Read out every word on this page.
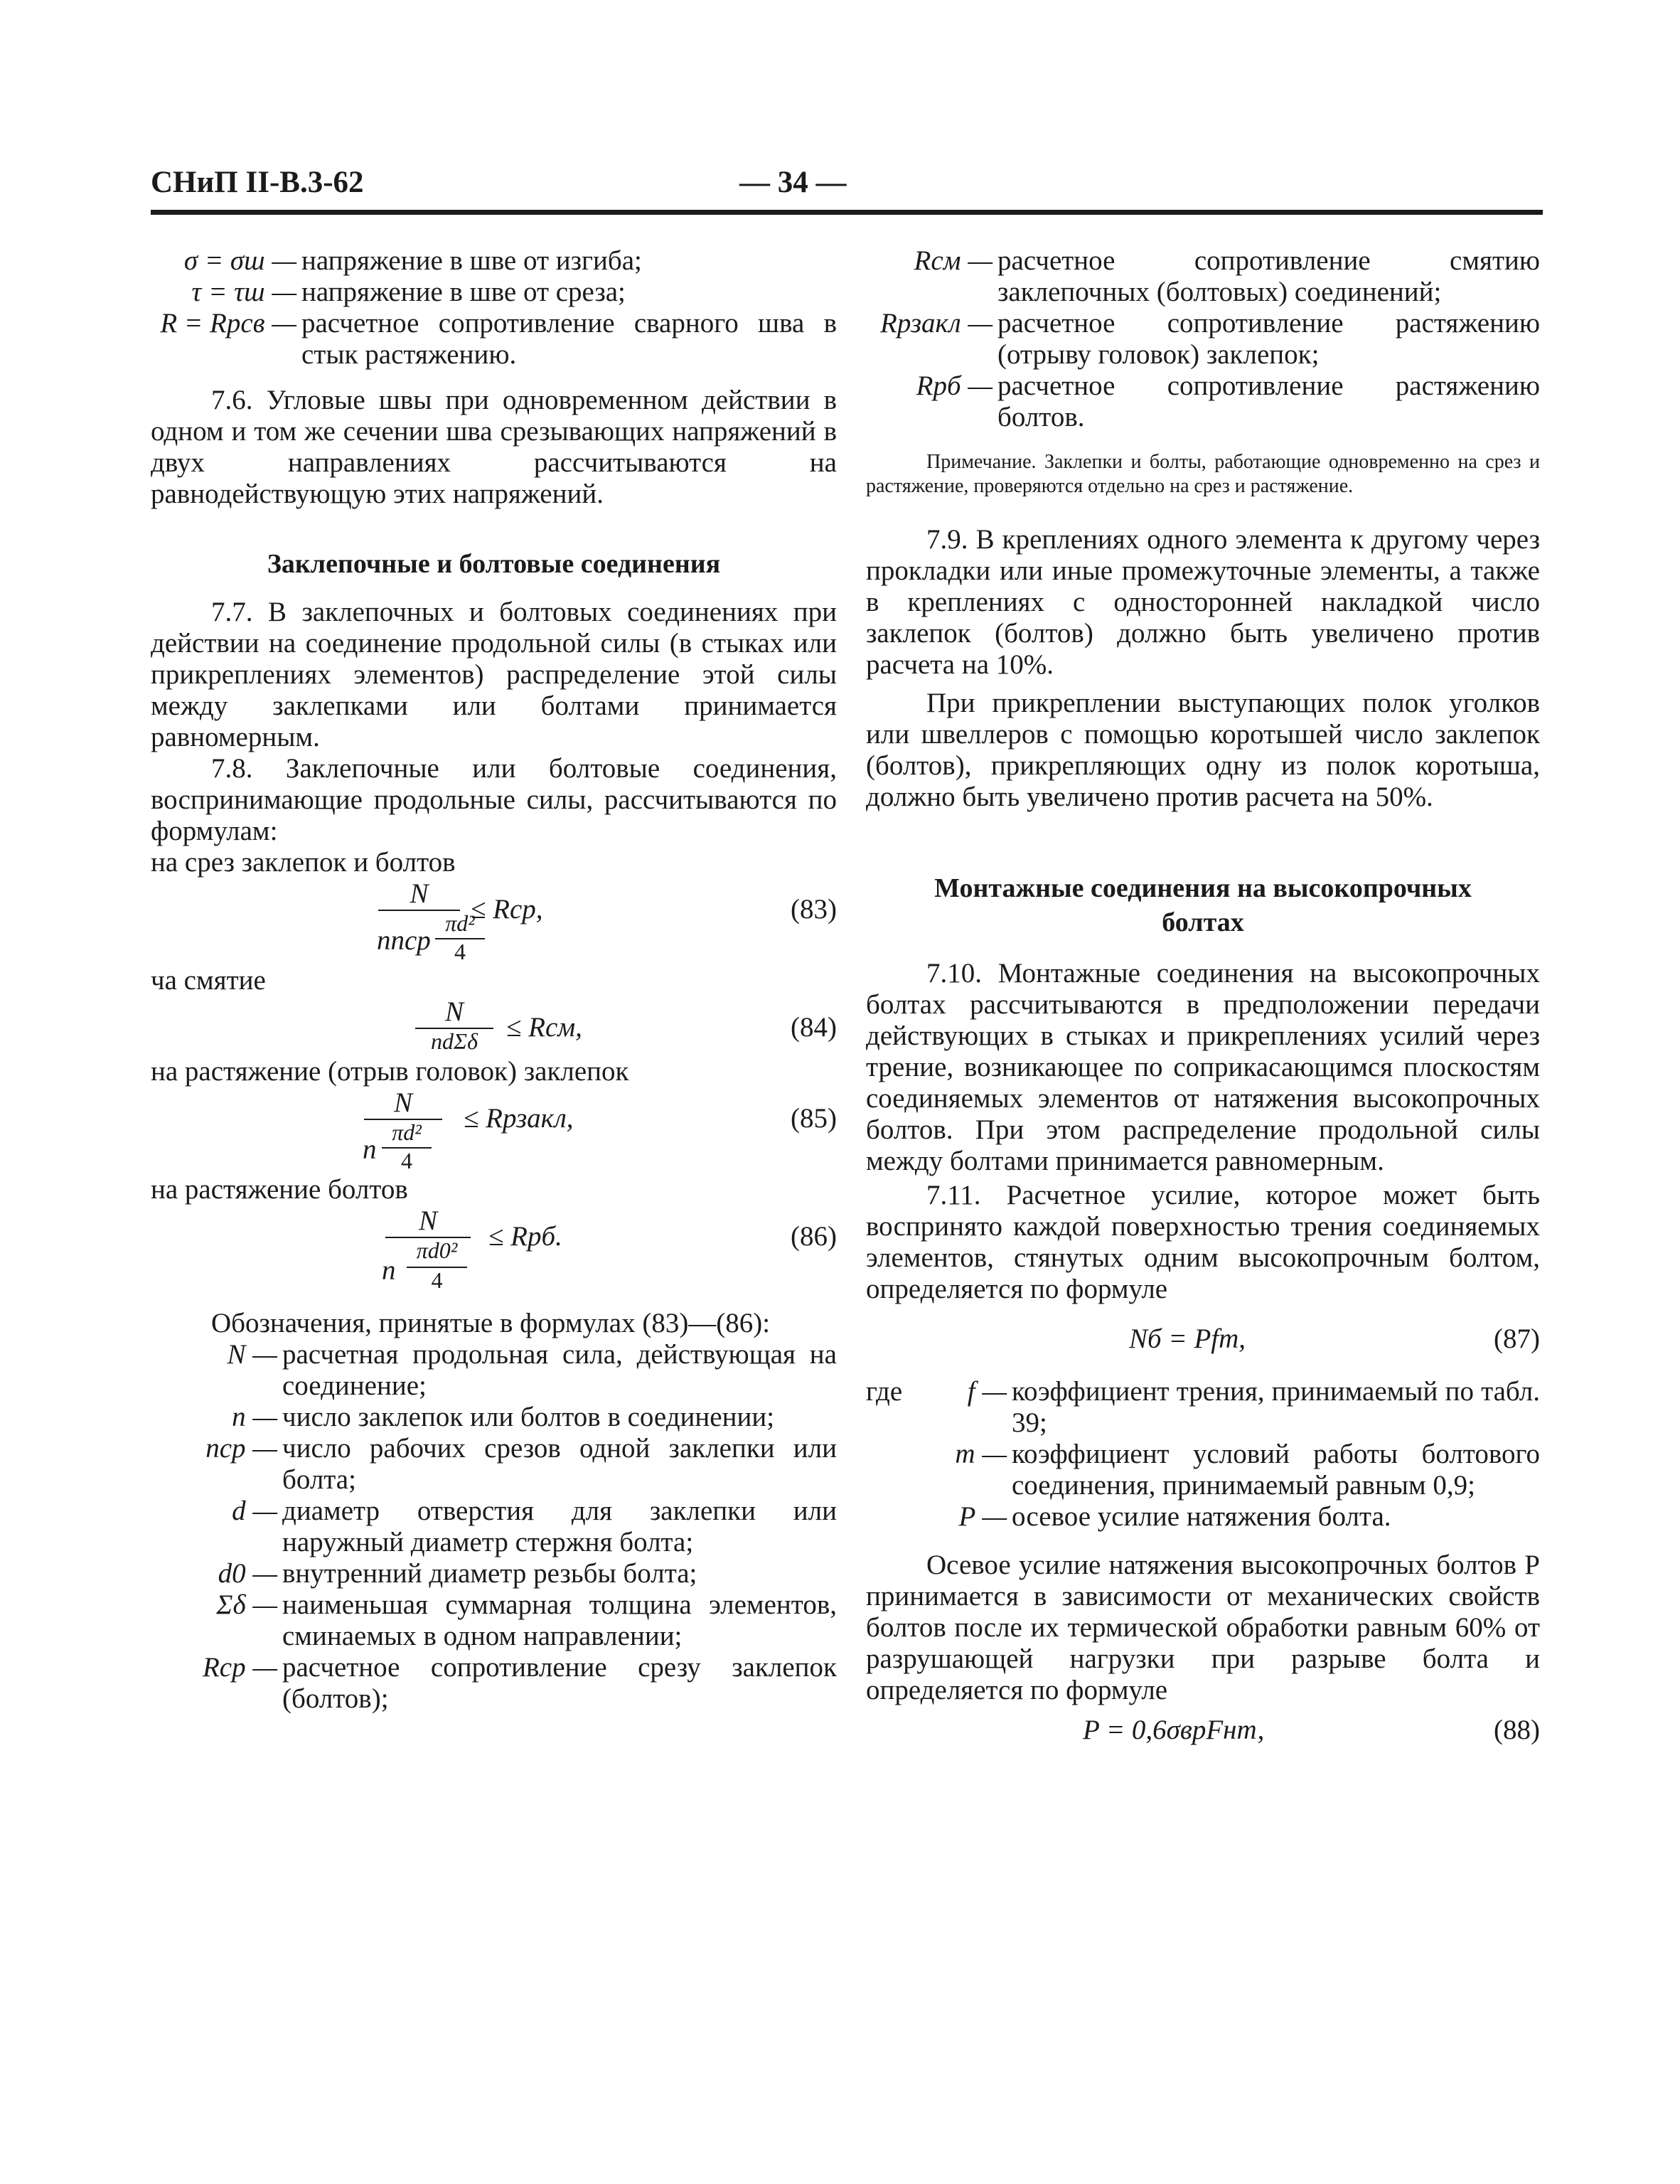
СНиП II-В.3-62	— 34 —
σ = σш — напряжение в шве от изгиба;
τ = τш — напряжение в шве от среза;
R = Rрсв — расчетное сопротивление сварного шва в стык растяжению.

7.6. Угловые швы при одновременном действии в одном и том же сечении шва срезывающих напряжений в двух направлениях рассчитываются на равнодействующую этих напряжений.

Заклепочные и болтовые соединения

7.7. В заклепочных и болтовых соединениях при действии на соединение продольной силы (в стыках или прикреплениях элементов) распределение этой силы между заклепками или болтами принимается равномерным.

7.8. Заклепочные или болтовые соединения, воспринимающие продольные силы, рассчитываются по формулам:

на срез заклепок и болтов

N
nnср
πd²
4
≤ Rср,	(83)

ча смятие

N
ndΣδ	≤ Rсм,	(84)

на растяжение (отрыв головок) заклепок

N
n
πd²
4
≤ Rрзакл,	(85)

на растяжение болтов

N
n
πd0²
4
≤ Rрб.	(86)

Обозначения, принятые в формулах (83)—(86):

N — расчетная продольная сила, действующая на соединение;
n — число заклепок или болтов в соединении;
nср — число рабочих срезов одной заклепки или болта;
d — диаметр отверстия для заклепки или наружный диаметр стержня болта;
d0 — внутренний диаметр резьбы болта;
Σδ — наименьшая суммарная толщина элементов, сминаемых в одном направлении;
Rср — расчетное сопротивление срезу заклепок (болтов);
Rсм — расчетное сопротивление смятию заклепочных (болтовых) соединений;
Rрзакл — расчетное сопротивление растяжению (отрыву головок) заклепок;
Rрб — расчетное сопротивление растяжению болтов.

Примечание. Заклепки и болты, работающие одновременно на срез и растяжение, проверяются отдельно на срез и растяжение.

7.9. В креплениях одного элемента к другому через прокладки или иные промежуточные элементы, а также в креплениях с односторонней накладкой число заклепок (болтов) должно быть увеличено против расчета на 10%.

При прикреплении выступающих полок уголков или швеллеров с помощью коротышей число заклепок (болтов), прикрепляющих одну из полок коротыша, должно быть увеличено против расчета на 50%.

Монтажные соединения на высокопрочных болтах

7.10. Монтажные соединения на высокопрочных болтах рассчитываются в предположении передачи действующих в стыках и прикреплениях усилий через трение, возникающее по соприкасающимся плоскостям соединяемых элементов от натяжения высокопрочных болтов. При этом распределение продольной силы между болтами принимается равномерным.

7.11. Расчетное усилие, которое может быть воспринято каждой поверхностью трения соединяемых элементов, стянутых одним высокопрочным болтом, определяется по формуле

Nб = Pfm,	(87)
где	f — коэффициент трения, принимаемый по табл. 39;
m — коэффициент условий работы болтового соединения, принимаемый равным 0,9;
P — осевое усилие натяжения болта.

Осевое усилие натяжения высокопрочных болтов P принимается в зависимости от механических свойств болтов после их термической обработки равным 60% от разрушающей нагрузки при разрыве болта и определяется по формуле

P = 0,6σврFнт,	(88)
